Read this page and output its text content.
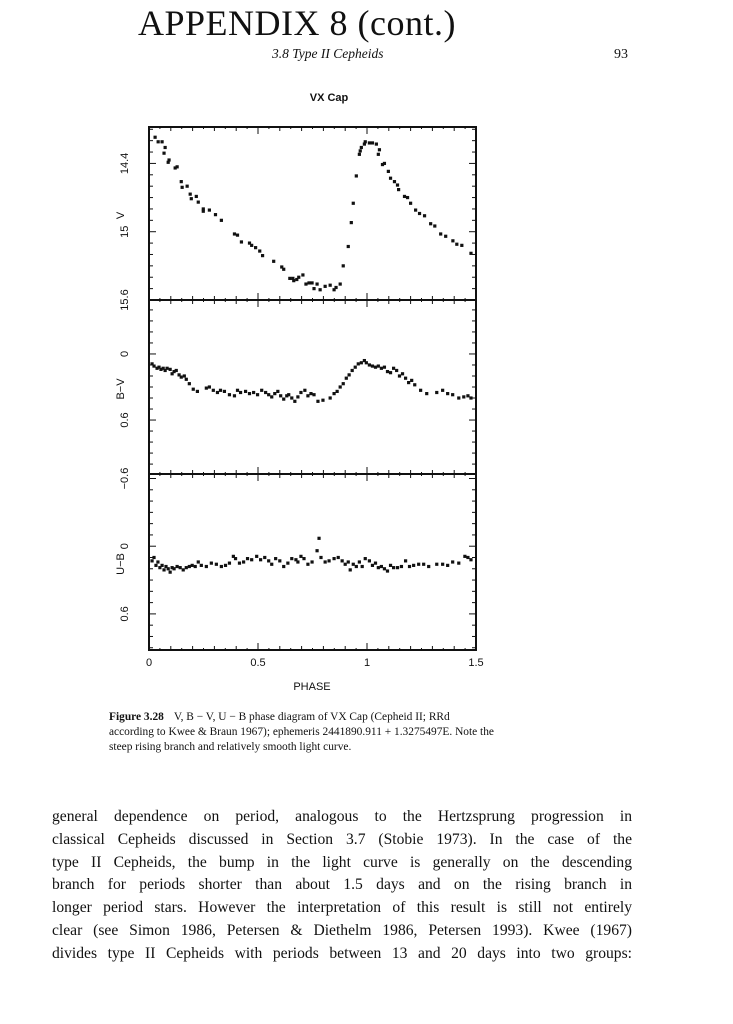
APPENDIX 8 (cont.)
3.8 Type II Cepheids	93
VX Cap
14.4
15
15.6
V
0
0.6
B−V
−0.6
0
0.6
U−B
0	0.5	1	1.5
PHASE
Figure 3.28 V, B − V, U − B phase diagram of VX Cap (Cepheid II; RRd
according to Kwee & Braun 1967); ephemeris 2441890.911 + 1.3275497E. Note the
steep rising branch and relatively smooth light curve.
general dependence on period, analogous to the Hertzsprung progression in
classical Cepheids discussed in Section 3.7 (Stobie 1973). In the case of the
type II Cepheids, the bump in the light curve is generally on the descending
branch for periods shorter than about 1.5 days and on the rising branch in
longer period stars. However the interpretation of this result is still not entirely
clear (see Simon 1986, Petersen & Diethelm 1986, Petersen 1993). Kwee (1967)
divides type II Cepheids with periods between 13 and 20 days into two groups:
